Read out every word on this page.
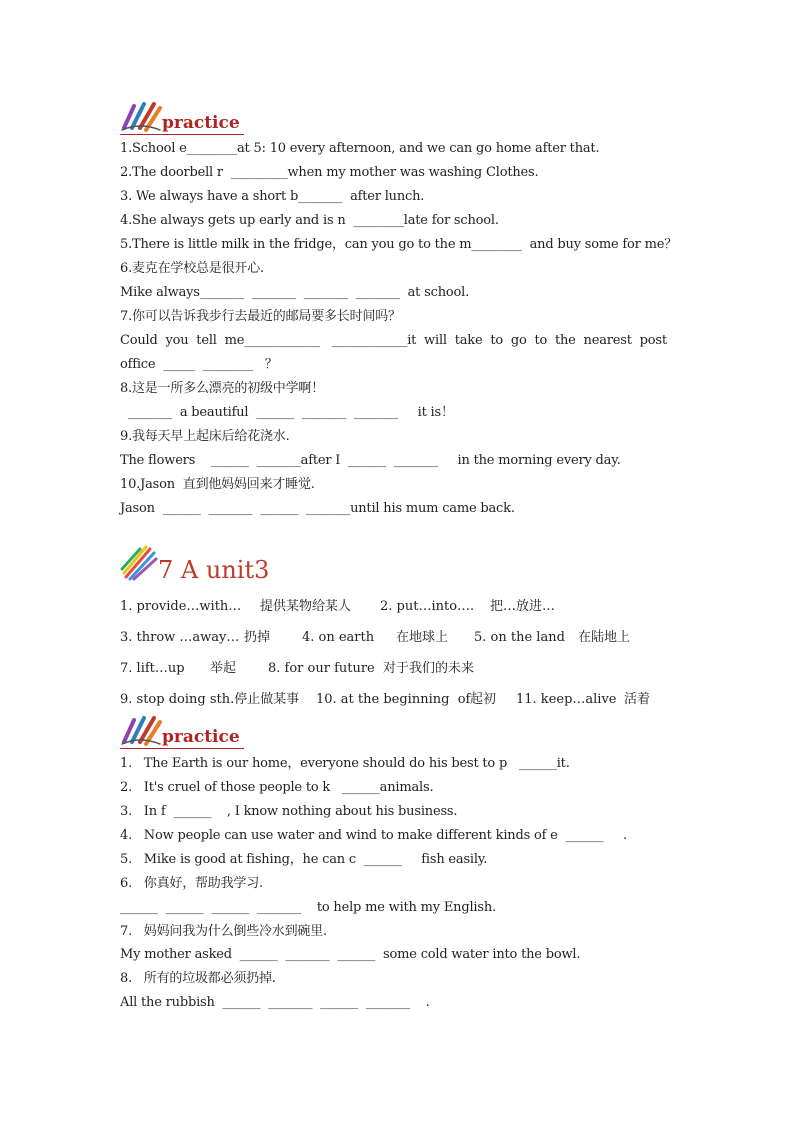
practice
1.School e________at 5: 10 every afternoon, and we can go home after that.
2.The doorbell r  _________when my mother was washing Clothes.
3. We always have a short b_______  after lunch.
4.She always gets up early and is n  ________late for school.
5.There is little milk in the fridge，can you go to the m________  and buy some for me？
6.麦克在学校总是很开心.
Mike always_______  _______  _______  _______  at school.
7.你可以告诉我步行去最近的邮局要多长时间吗？
Could  you  tell  me____________   ____________it  will  take  to  go  to  the  nearest  post
office  _____  ________   ？
8.这是一所多么漂亮的初级中学啊！
_______  a beautiful  ______  _______  _______     it is！
9.我每天早上起床后给花浇水.
The flowers    ______  _______after I  ______  _______     in the morning every day.
10.Jason  直到他妈妈回来才睡觉.
Jason  ______  _______  ______  _______until his mum came back.
7 A unit3
1. provide…with… 提供某物给某人 2. put…into…. 把…放进…
3. throw …away… 扔掉 4. on earth 在地球上 5. on the land 在陆地上
7. lift…up 举起 8. for our future  对于我们的未来
9. stop doing sth.停止做某事 10. at the beginning  of起初 11. keep…alive 活着
practice
1.   The Earth is our home，everyone should do his best to p   ______it.
2.   It's cruel of those people to k   ______animals.
3.   In f  ______    , I know nothing about his business.
4.   Now people can use water and wind to make different kinds of e  ______     .
5.   Mike is good at fishing，he can c  ______     fish easily.
6.   你真好，帮助我学习.
______  ______  ______  _______    to help me with my English.
7.   妈妈问我为什么倒些冷水到碗里.
My mother asked  ______  _______  ______  some cold water into the bowl.
8.   所有的垃圾都必须扔掉.
All the rubbish  ______  _______  ______  _______    .
